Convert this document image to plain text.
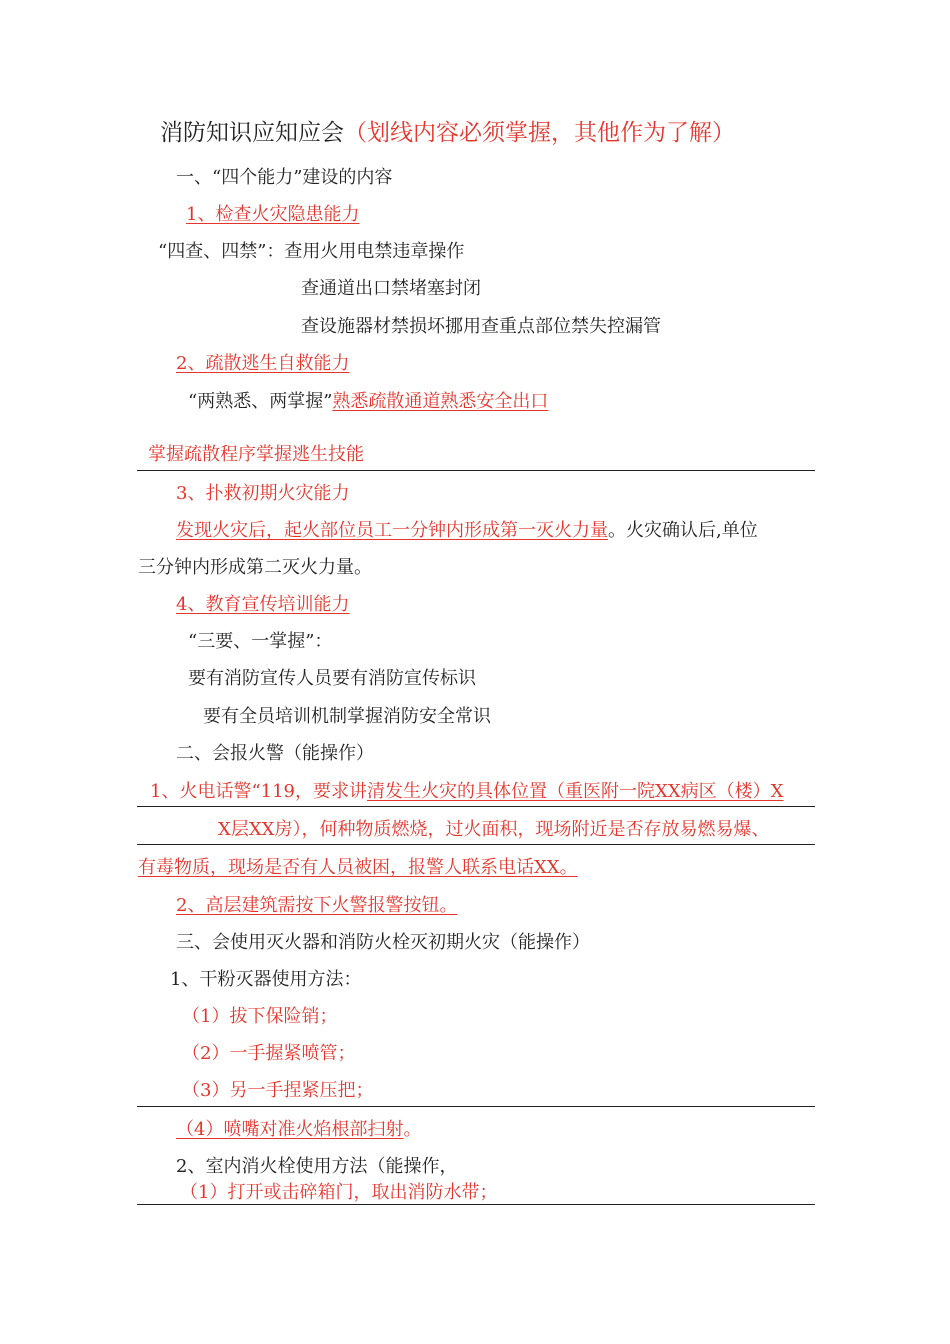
消防知识应知应会（划线内容必须掌握，其他作为了解）
一、“四个能力”建设的内容
1、检查火灾隐患能力
“四查、四禁”：查用火用电禁违章操作
查通道出口禁堵塞封闭
查设施器材禁损坏挪用查重点部位禁失控漏管
2、疏散逃生自救能力
“两熟悉、两掌握”熟悉疏散通道熟悉安全出口
掌握疏散程序掌握逃生技能
3、扑救初期火灾能力
发现火灾后，起火部位员工一分钟内形成第一灭火力量。火灾确认后,单位
三分钟内形成第二灭火力量。
4、教育宣传培训能力
“三要、一掌握”：
要有消防宣传人员要有消防宣传标识
要有全员培训机制掌握消防安全常识
二、会报火警（能操作）
1、火电话警“119，要求讲清发生火灾的具体位置（重医附一院XX病区（楼）X
X层XX房），何种物质燃烧，过火面积，现场附近是否存放易燃易爆、
有毒物质，现场是否有人员被困，报警人联系电话XX。
2、高层建筑需按下火警报警按钮。
三、会使用灭火器和消防火栓灭初期火灾（能操作）
1、干粉灭器使用方法：
（1）拔下保险销；
（2）一手握紧喷管；
（3）另一手捏紧压把；
（4）喷嘴对准火焰根部扫射。
2、室内消火栓使用方法（能操作，
（1）打开或击碎箱门，取出消防水带；
